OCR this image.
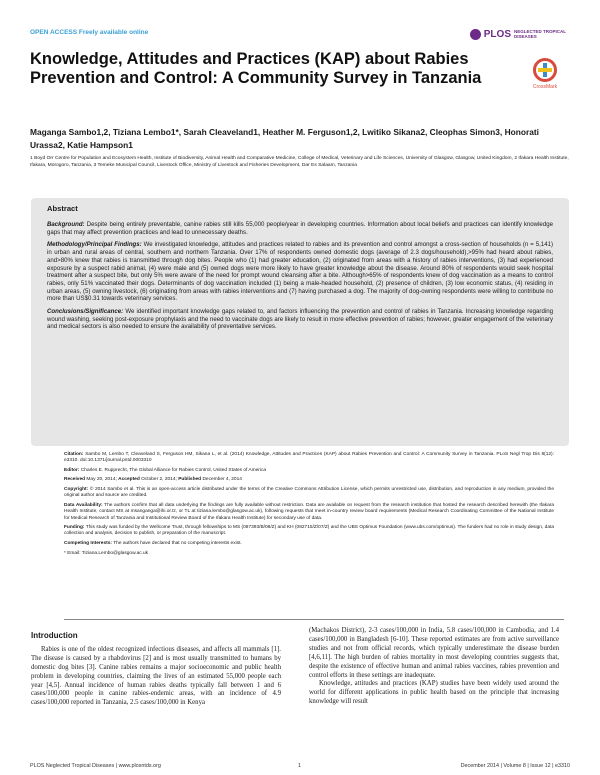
OPEN ACCESS Freely available online	PLOS NEGLECTED TROPICAL DISEASES
Knowledge, Attitudes and Practices (KAP) about Rabies Prevention and Control: A Community Survey in Tanzania	CrossMark
Maganga Sambo1,2, Tiziana Lembo1*, Sarah Cleaveland1, Heather M. Ferguson1,2, Lwitiko Sikana2, Cleophas Simon3, Honorati Urassa2, Katie Hampson1
1 Boyd Orr Centre for Population and Ecosystem Health, Institute of Biodiversity, Animal Health and Comparative Medicine, College of Medical, Veterinary and Life Sciences, University of Glasgow, Glasgow, United Kingdom, 2 Ifakara Health Institute, Ifakara, Morogoro, Tanzania, 3 Temeke Municipal Council, Livestock Office, Ministry of Livestock and Fisheries Development, Dar Es Salaam, Tanzania
Abstract

Background: Despite being entirely preventable, canine rabies still kills 55,000 people/year in developing countries. Information about local beliefs and practices can identify knowledge gaps that may affect prevention practices and lead to unnecessary deaths.

Methodology/Principal Findings: We investigated knowledge, attitudes and practices related to rabies and its prevention and control amongst a cross-section of households (n = 5,141) in urban and rural areas of central, southern and northern Tanzania. Over 17% of respondents owned domestic dogs (average of 2.3 dogs/household),>95% had heard about rabies, and>80% knew that rabies is transmitted through dog bites. People who (1) had greater education, (2) originated from areas with a history of rabies interventions, (3) had experienced exposure by a suspect rabid animal, (4) were male and (5) owned dogs were more likely to have greater knowledge about the disease. Around 80% of respondents would seek hospital treatment after a suspect bite, but only 5% were aware of the need for prompt wound cleansing after a bite. Although>65% of respondents knew of dog vaccination as a means to control rabies, only 51% vaccinated their dogs. Determinants of dog vaccination included (1) being a male-headed household, (2) presence of children, (3) low economic status, (4) residing in urban areas, (5) owning livestock, (6) originating from areas with rabies interventions and (7) having purchased a dog. The majority of dog-owning respondents were willing to contribute no more than US$0.31 towards veterinary services.

Conclusions/Significance: We identified important knowledge gaps related to, and factors influencing the prevention and control of rabies in Tanzania. Increasing knowledge regarding wound washing, seeking post-exposure prophylaxis and the need to vaccinate dogs are likely to result in more effective prevention of rabies; however, greater engagement of the veterinary and medical sectors is also needed to ensure the availability of preventative services.

Citation: Sambo M, Lembo T, Cleaveland S, Ferguson HM, Sikana L, et al. (2014) Knowledge, Attitudes and Practices (KAP) about Rabies Prevention and Control: A Community Survey in Tanzania. PLoS Negl Trop Dis 8(12): e3310. doi:10.1371/journal.pntd.0003310

Editor: Charles E. Rupprecht, The Global Alliance for Rabies Control, United States of America

Received May 20, 2014; Accepted October 2, 2014; Published December 4, 2014

Copyright: © 2014 Sambo et al. This is an open-access article distributed under the terms of the Creative Commons Attribution License, which permits unrestricted use, distribution, and reproduction in any medium, provided the original author and source are credited.

Data Availability: The authors confirm that all data underlying the findings are fully available without restriction. Data are available on request from the research institution that hosted the research described herewith (the Ifakara Health Institute, contact MS at msanganga@ihi.or.tz, or TL at tiziana.lembo@glasgow.ac.uk), following requests that meet in-country review board requirements (Medical Research Coordinating Committee of the National Institute for Medical Research of Tanzania and Institutional Review Board of the Ifakara Health Institute) for secondary use of data.

Funding: This study was funded by the Wellcome Trust, through fellowships to MS (087393/B/08/Z) and KH (082715/Z/07/Z) and the UBS Optimus Foundation (www.ubs.com/optimus). The funders had no role in study design, data collection and analysis, decision to publish, or preparation of the manuscript.

Competing Interests: The authors have declared that no competing interests exist.

* Email: Tiziana.Lembo@glasgow.ac.uk

Introduction

Rabies is one of the oldest recognized infectious diseases, and affects all mammals [1]. The disease is caused by a rhabdovirus [2] and is most usually transmitted to humans by domestic dog bites [3]. Canine rabies remains a major socioeconomic and public health problem in developing countries, claiming the lives of an estimated 55,000 people each year [4,5]. Annual incidence of human rabies deaths typically fall between 1 and 6 cases/100,000 people in canine rabies-endemic areas, with an incidence of 4.9 cases/100,000 reported in Tanzania, 2.5 cases/100,000 in Kenya

(Machakos District), 2-3 cases/100,000 in India, 5.8 cases/100,000 in Cambodia, and 1.4 cases/100,000 in Bangladesh [6-10]. These reported estimates are from active surveillance studies and not from official records, which typically underestimate the disease burden [4,6,11]. The high burden of rabies mortality in most developing countries suggests that, despite the existence of effective human and animal rabies vaccines, rabies prevention and control efforts in these settings are inadequate.

Knowledge, attitudes and practices (KAP) studies have been widely used around the world for different applications in public health based on the principle that increasing knowledge will result

PLOS Neglected Tropical Diseases | www.plosntds.org	1	December 2014 | Volume 8 | Issue 12 | e3310
